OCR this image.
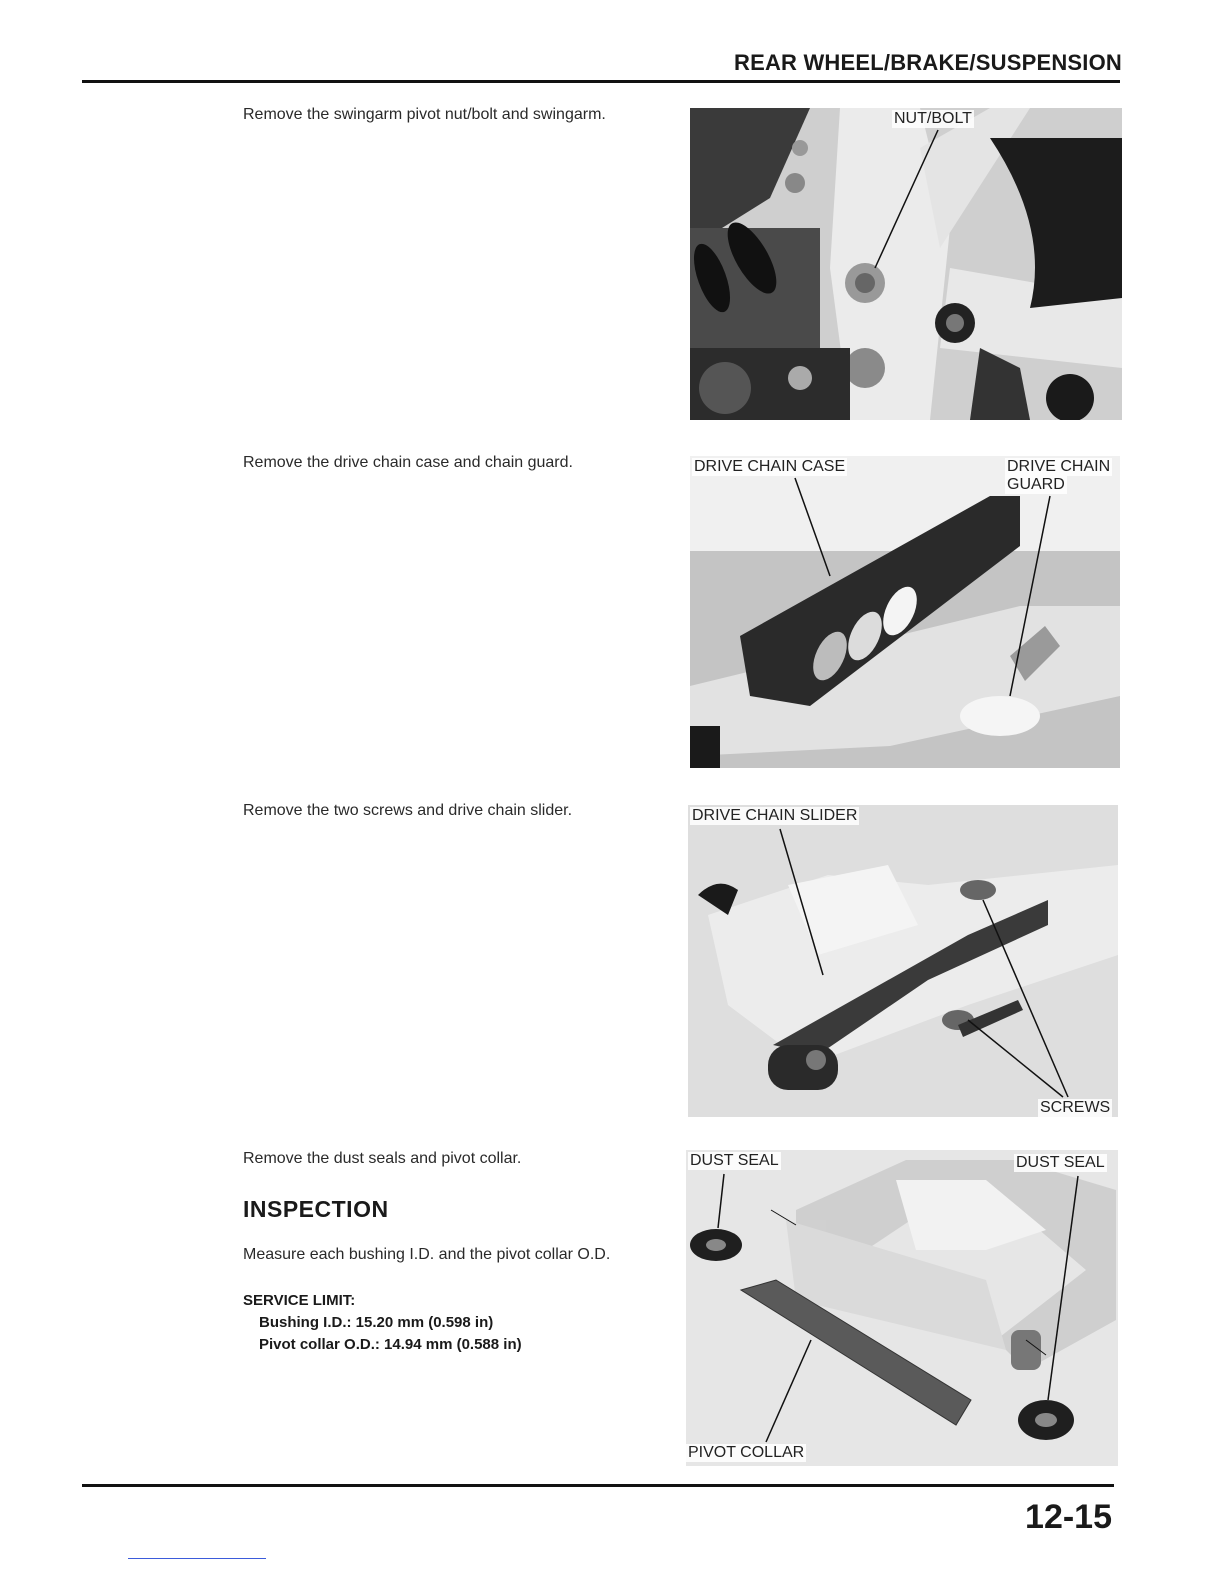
REAR WHEEL/BRAKE/SUSPENSION
Remove the swingarm pivot nut/bolt and swingarm.	NUT/BOLT
Remove the drive chain case and chain guard.	DRIVE CHAIN CASE	DRIVE CHAIN
GUARD
Remove the two screws and drive chain slider.	DRIVE CHAIN SLIDER
SCREWS
Remove the dust seals and pivot collar.	DUST SEAL	DUST SEAL
PIVOT COLLAR
INSPECTION
Measure each bushing I.D. and the pivot collar O.D.
SERVICE LIMIT:
Bushing I.D.: 15.20 mm (0.598 in)
Pivot collar O.D.: 14.94 mm (0.588 in)
12-15
